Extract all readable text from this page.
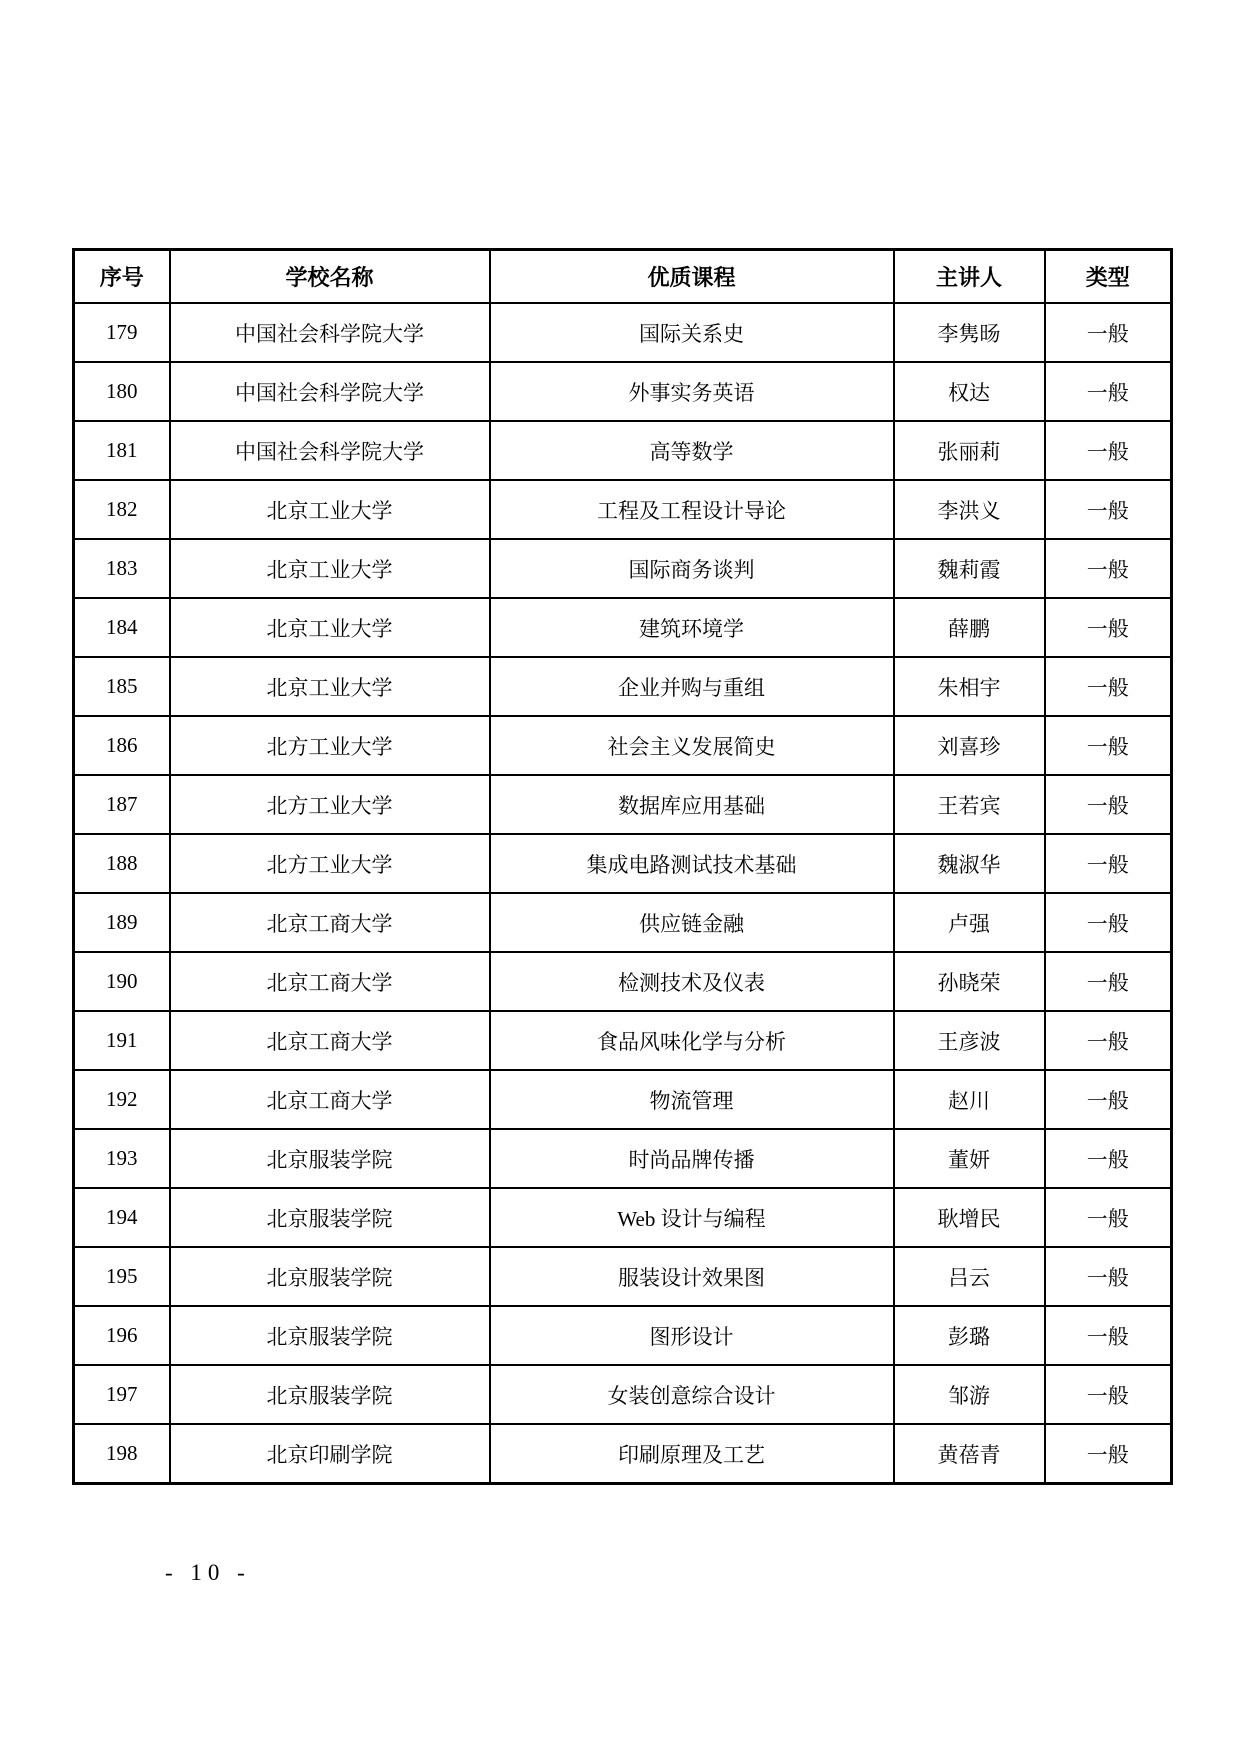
序号	学校名称	优质课程	主讲人	类型
179	中国社会科学院大学	国际关系史	李隽旸	一般
180	中国社会科学院大学	外事实务英语	权达	一般
181	中国社会科学院大学	高等数学	张丽莉	一般
182	北京工业大学	工程及工程设计导论	李洪义	一般
183	北京工业大学	国际商务谈判	魏莉霞	一般
184	北京工业大学	建筑环境学	薛鹏	一般
185	北京工业大学	企业并购与重组	朱相宇	一般
186	北方工业大学	社会主义发展简史	刘喜珍	一般
187	北方工业大学	数据库应用基础	王若宾	一般
188	北方工业大学	集成电路测试技术基础	魏淑华	一般
189	北京工商大学	供应链金融	卢强	一般
190	北京工商大学	检测技术及仪表	孙晓荣	一般
191	北京工商大学	食品风味化学与分析	王彦波	一般
192	北京工商大学	物流管理	赵川	一般
193	北京服装学院	时尚品牌传播	董妍	一般
194	北京服装学院	Web 设计与编程	耿增民	一般
195	北京服装学院	服装设计效果图	吕云	一般
196	北京服装学院	图形设计	彭璐	一般
197	北京服装学院	女装创意综合设计	邹游	一般
198	北京印刷学院	印刷原理及工艺	黄蓓青	一般
- 10 -
